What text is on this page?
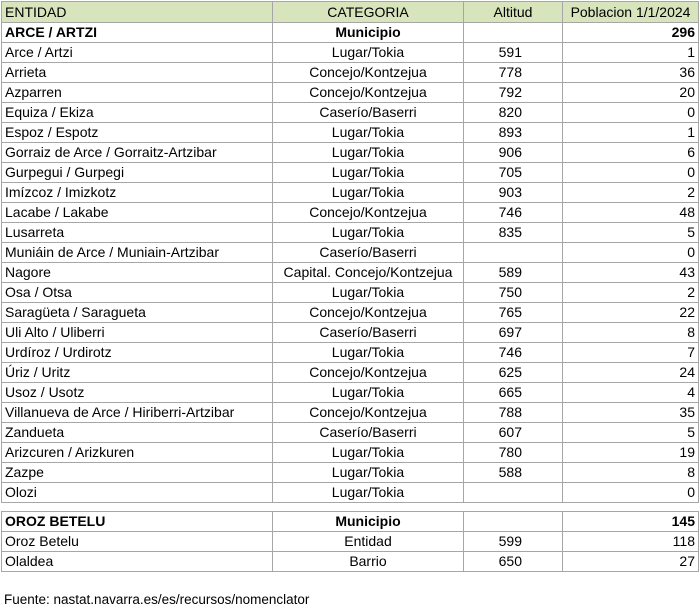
ENTIDAD	CATEGORIA	Altitud	Poblacion 1/1/2024
ARCE / ARTZI	Municipio		296
Arce / Artzi	Lugar/Tokia	591	1
Arrieta	Concejo/Kontzejua	778	36
Azparren	Concejo/Kontzejua	792	20
Equiza / Ekiza	Caserío/Baserri	820	0
Espoz / Espotz	Lugar/Tokia	893	1
Gorraiz de Arce / Gorraitz-Artzibar	Lugar/Tokia	906	6
Gurpegui / Gurpegi	Lugar/Tokia	705	0
Imízcoz / Imizkotz	Lugar/Tokia	903	2
Lacabe / Lakabe	Concejo/Kontzejua	746	48
Lusarreta	Lugar/Tokia	835	5
Muniáin de Arce / Muniain-Artzibar	Caserío/Baserri		0
Nagore	Capital. Concejo/Kontzejua	589	43
Osa / Otsa	Lugar/Tokia	750	2
Saragüeta / Saragueta	Concejo/Kontzejua	765	22
Uli Alto / Uliberri	Caserío/Baserri	697	8
Urdíroz / Urdirotz	Lugar/Tokia	746	7
Úriz / Uritz	Concejo/Kontzejua	625	24
Usoz / Usotz	Lugar/Tokia	665	4
Villanueva de Arce / Hiriberri-Artzibar	Concejo/Kontzejua	788	35
Zandueta	Caserío/Baserri	607	5
Arizcuren / Arizkuren	Lugar/Tokia	780	19
Zazpe	Lugar/Tokia	588	8
Olozi	Lugar/Tokia		0

OROZ BETELU	Municipio		145
Oroz Betelu	Entidad	599	118
Olaldea	Barrio	650	27
Fuente: nastat.navarra.es/es/recursos/nomenclator
